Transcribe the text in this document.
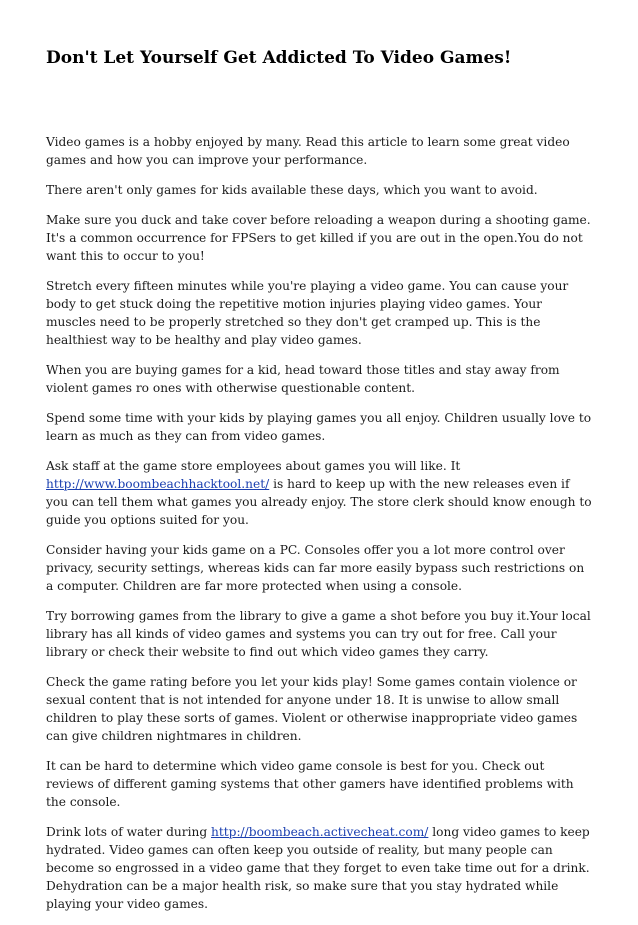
Don't Let Yourself Get Addicted To Video Games!

Video games is a hobby enjoyed by many. Read this article to learn some great video games and how you can improve your performance.

There aren't only games for kids available these days, which you want to avoid.

Make sure you duck and take cover before reloading a weapon during a shooting game. It's a common occurrence for FPSers to get killed if you are out in the open.You do not want this to occur to you!

Stretch every fifteen minutes while you're playing a video game. You can cause your body to get stuck doing the repetitive motion injuries playing video games. Your muscles need to be properly stretched so they don't get cramped up. This is the healthiest way to be healthy and play video games.

When you are buying games for a kid, head toward those titles and stay away from violent games ro ones with otherwise questionable content.

Spend some time with your kids by playing games you all enjoy. Children usually love to learn as much as they can from video games.

Ask staff at the game store employees about games you will like. It http://www.boombeachhacktool.net/ is hard to keep up with the new releases even if you can tell them what games you already enjoy. The store clerk should know enough to guide you options suited for you.

Consider having your kids game on a PC. Consoles offer you a lot more control over privacy, security settings, whereas kids can far more easily bypass such restrictions on a computer. Children are far more protected when using a console.

Try borrowing games from the library to give a game a shot before you buy it.Your local library has all kinds of video games and systems you can try out for free. Call your library or check their website to find out which video games they carry.

Check the game rating before you let your kids play! Some games contain violence or sexual content that is not intended for anyone under 18. It is unwise to allow small children to play these sorts of games. Violent or otherwise inappropriate video games can give children nightmares in children.

It can be hard to determine which video game console is best for you. Check out reviews of different gaming systems that other gamers have identified problems with the console.

Drink lots of water during http://boombeach.activecheat.com/ long video games to keep hydrated. Video games can often keep you outside of reality, but many people can become so engrossed in a video game that they forget to even take time out for a drink. Dehydration can be a major health risk, so make sure that you stay hydrated while playing your video games.
